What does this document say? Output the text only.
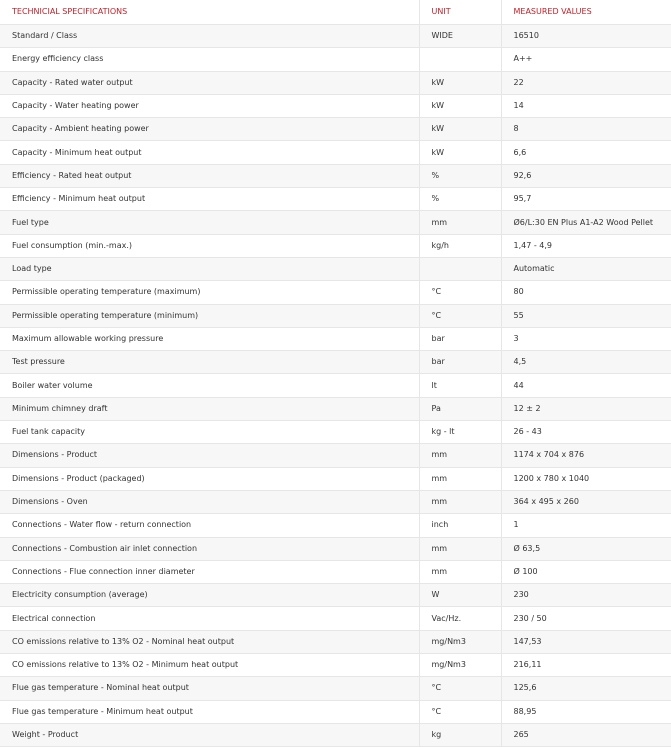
TECHNICIAL SPECIFICATIONS	UNIT	MEASURED VALUES
Standard / Class	WIDE	16510
Energy efficiency class		A++
Capacity - Rated water output	kW	22
Capacity - Water heating power	kW	14
Capacity - Ambient heating power	kW	8
Capacity - Minimum heat output	kW	6,6
Efficiency - Rated heat output	%	92,6
Efficiency - Minimum heat output	%	95,7
Fuel type	mm	Ø6/L:30 EN Plus A1-A2 Wood Pellet
Fuel consumption (min.-max.)	kg/h	1,47 - 4,9
Load type		Automatic
Permissible operating temperature (maximum)	°C	80
Permissible operating temperature (minimum)	°C	55
Maximum allowable working pressure	bar	3
Test pressure	bar	4,5
Boiler water volume	lt	44
Minimum chimney draft	Pa	12 ± 2
Fuel tank capacity	kg - lt	26 - 43
Dimensions - Product	mm	1174 x 704 x 876
Dimensions - Product (packaged)	mm	1200 x 780 x 1040
Dimensions - Oven	mm	364 x 495 x 260
Connections - Water flow - return connection	inch	1
Connections - Combustion air inlet connection	mm	Ø 63,5
Connections - Flue connection inner diameter	mm	Ø 100
Electricity consumption (average)	W	230
Electrical connection	Vac/Hz.	230 / 50
CO emissions relative to 13% O2 - Nominal heat output	mg/Nm3	147,53
CO emissions relative to 13% O2 - Minimum heat output	mg/Nm3	216,11
Flue gas temperature - Nominal heat output	°C	125,6
Flue gas temperature - Minimum heat output	°C	88,95
Weight - Product	kg	265
